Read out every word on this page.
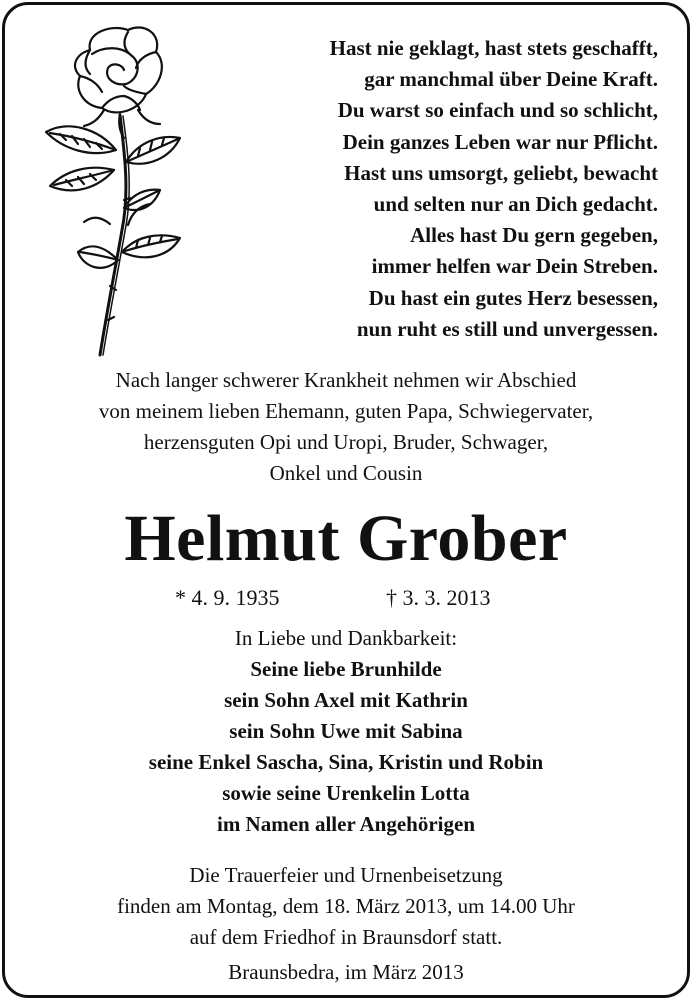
Hast nie geklagt, hast stets geschafft,
gar manchmal über Deine Kraft.
Du warst so einfach und so schlicht,
Dein ganzes Leben war nur Pflicht.
Hast uns umsorgt, geliebt, bewacht
und selten nur an Dich gedacht.
Alles hast Du gern gegeben,
immer helfen war Dein Streben.
Du hast ein gutes Herz besessen,
nun ruht es still und unvergessen.
Nach langer schwerer Krankheit nehmen wir Abschied
von meinem lieben Ehemann, guten Papa, Schwiegervater,
herzensguten Opi und Uropi, Bruder, Schwager,
Onkel und Cousin
Helmut Grober
* 4. 9. 1935	† 3. 3. 2013
In Liebe und Dankbarkeit:
Seine liebe Brunhilde
sein Sohn Axel mit Kathrin
sein Sohn Uwe mit Sabina
seine Enkel Sascha, Sina, Kristin und Robin
sowie seine Urenkelin Lotta
im Namen aller Angehörigen
Die Trauerfeier und Urnenbeisetzung
finden am Montag, dem 18. März 2013, um 14.00 Uhr
auf dem Friedhof in Braunsdorf statt.
Braunsbedra, im März 2013
